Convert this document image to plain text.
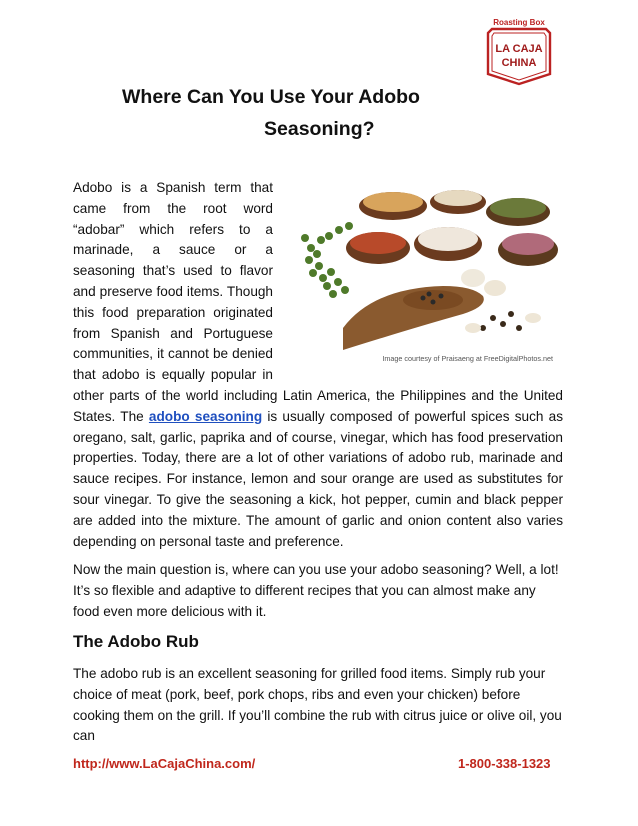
Roasting Box
LA CAJA
CHINA
Where Can You Use Your Adobo
Seasoning?

Image courtesy of Praisaeng at FreeDigitalPhotos.net
Adobo is a Spanish term that came from the root word “adobar” which refers to a marinade, a sauce or a seasoning that’s used to flavor and preserve food items. Though this food preparation originated from Spanish and Portuguese communities, it cannot be denied that adobo is equally popular in other parts of the world including Latin America, the Philippines and the United States. The adobo seasoning is usually composed of powerful spices such as oregano, salt, garlic, paprika and of course, vinegar, which has food preservation properties. Today, there are a lot of other variations of adobo rub, marinade and sauce recipes. For instance, lemon and sour orange are used as substitutes for sour vinegar. To give the seasoning a kick, hot pepper, cumin and black pepper are added into the mixture. The amount of garlic and onion content also varies depending on personal taste and preference.

Now the main question is, where can you use your adobo seasoning? Well, a lot! It’s so flexible and adaptive to different recipes that you can almost make any food even more delicious with it.

The Adobo Rub

The adobo rub is an excellent seasoning for grilled food items. Simply rub your choice of meat (pork, beef, pork chops, ribs and even your chicken) before cooking them on the grill. If you’ll combine the rub with citrus juice or olive oil, you can

http://www.LaCajaChina.com/	1-800-338-1323
